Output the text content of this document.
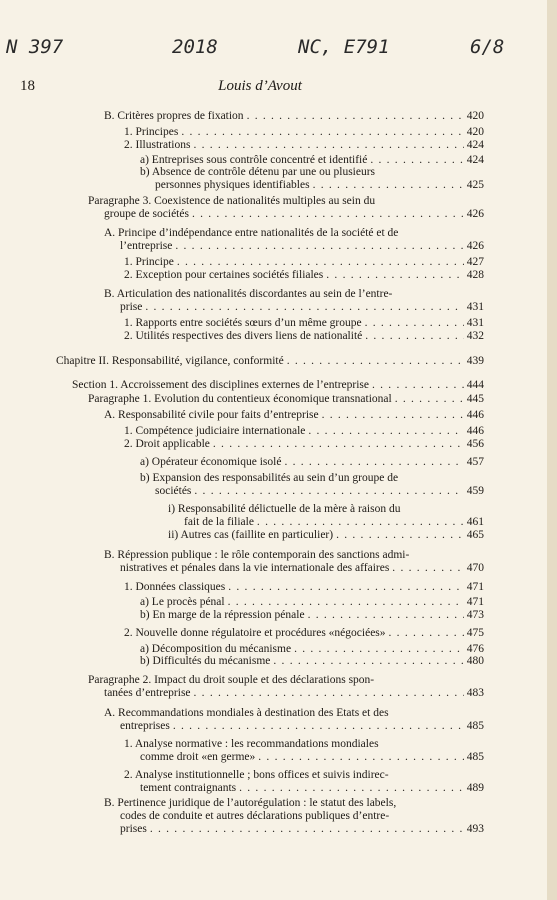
N 397	2018	NC, E791	6/8
18	Louis d’Avout
B. Critères propres de fixation . . .	420
1. Principes . . .	420
2. Illustrations . . .	424
a) Entreprises sous contrôle concentré et identifié . . .	424
b) Absence de contrôle détenu par une ou plusieurs
personnes physiques identifiables . . .	425
Paragraphe 3. Coexistence de nationalités multiples au sein du
groupe de sociétés . . .	426
A. Principe d’indépendance entre nationalités de la société et de
l’entreprise . . .	426
1. Principe . . .	427
2. Exception pour certaines sociétés filiales . . .	428
B. Articulation des nationalités discordantes au sein de l’entre-
prise . . .	431
1. Rapports entre sociétés sœurs d’un même groupe . . .	431
2. Utilités respectives des divers liens de nationalité . . .	432
Chapitre II. Responsabilité, vigilance, conformité . . .	439
Section 1. Accroissement des disciplines externes de l’entreprise . . .	444
Paragraphe 1. Evolution du contentieux économique transnational . . .	445
A. Responsabilité civile pour faits d’entreprise . . .	446
1. Compétence judiciaire internationale . . .	446
2. Droit applicable . . .	456
a) Opérateur économique isolé . . .	457
b) Expansion des responsabilités au sein d’un groupe de
sociétés . . .	459
i) Responsabilité délictuelle de la mère à raison du
fait de la filiale . . .	461
ii) Autres cas (faillite en particulier) . . .	465
B. Répression publique : le rôle contemporain des sanctions admi-
nistratives et pénales dans la vie internationale des affaires . . .	470
1. Données classiques . . .	471
a) Le procès pénal . . .	471
b) En marge de la répression pénale . . .	473
2. Nouvelle donne régulatoire et procédures «négociées» . . .	475
a) Décomposition du mécanisme . . .	476
b) Difficultés du mécanisme . . .	480
Paragraphe 2. Impact du droit souple et des déclarations spon-
tanées d’entreprise . . .	483
A. Recommandations mondiales à destination des Etats et des
entreprises . . .	485
1. Analyse normative : les recommandations mondiales
comme droit «en germe» . . .	485
2. Analyse institutionnelle ; bons offices et suivis indirec-
tement contraignants . . .	489
B. Pertinence juridique de l’autorégulation : le statut des labels,
codes de conduite et autres déclarations publiques d’entre-
prises . . .	493
